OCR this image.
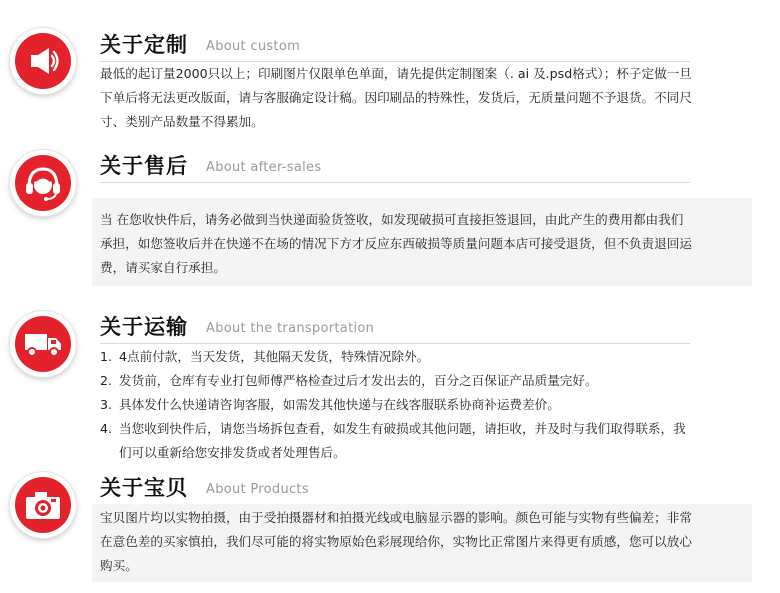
关于定制 About custom
最低的起订量2000只以上；印刷图片仅限单色单面，请先提供定制图案（. ai 及.psd格式）；杯子定做一旦下单后将无法更改版面，请与客服确定设计稿。因印刷品的特殊性，发货后，无质量问题不予退货。不同尺寸、类别产品数量不得累加。
关于售后 About after-sales
当 在您收快件后，请务必做到当快递面验货签收，如发现破损可直接拒签退回，由此产生的费用都由我们承担，如您签收后并在快递不在场的情况下方才反应东西破损等质量问题本店可接受退货，但不负责退回运费，请买家自行承担。
关于运输 About the transportation
1. 4点前付款，当天发货，其他隔天发货，特殊情况除外。
2. 发货前，仓库有专业打包师傅严格检查过后才发出去的，百分之百保证产品质量完好。
3. 具体发什么快递请咨询客服，如需发其他快递与在线客服联系协商补运费差价。
4. 当您收到快件后，请您当场拆包查看，如发生有破损或其他问题，请拒收，并及时与我们取得联系，我们可以重新给您安排发货或者处理售后。
关于宝贝 About Products
宝贝图片均以实物拍摄，由于受拍摄器材和拍摄光线或电脑显示器的影响。颜色可能与实物有些偏差；非常在意色差的买家慎拍，我们尽可能的将实物原始色彩展现给你，实物比正常图片来得更有质感，您可以放心购买。
